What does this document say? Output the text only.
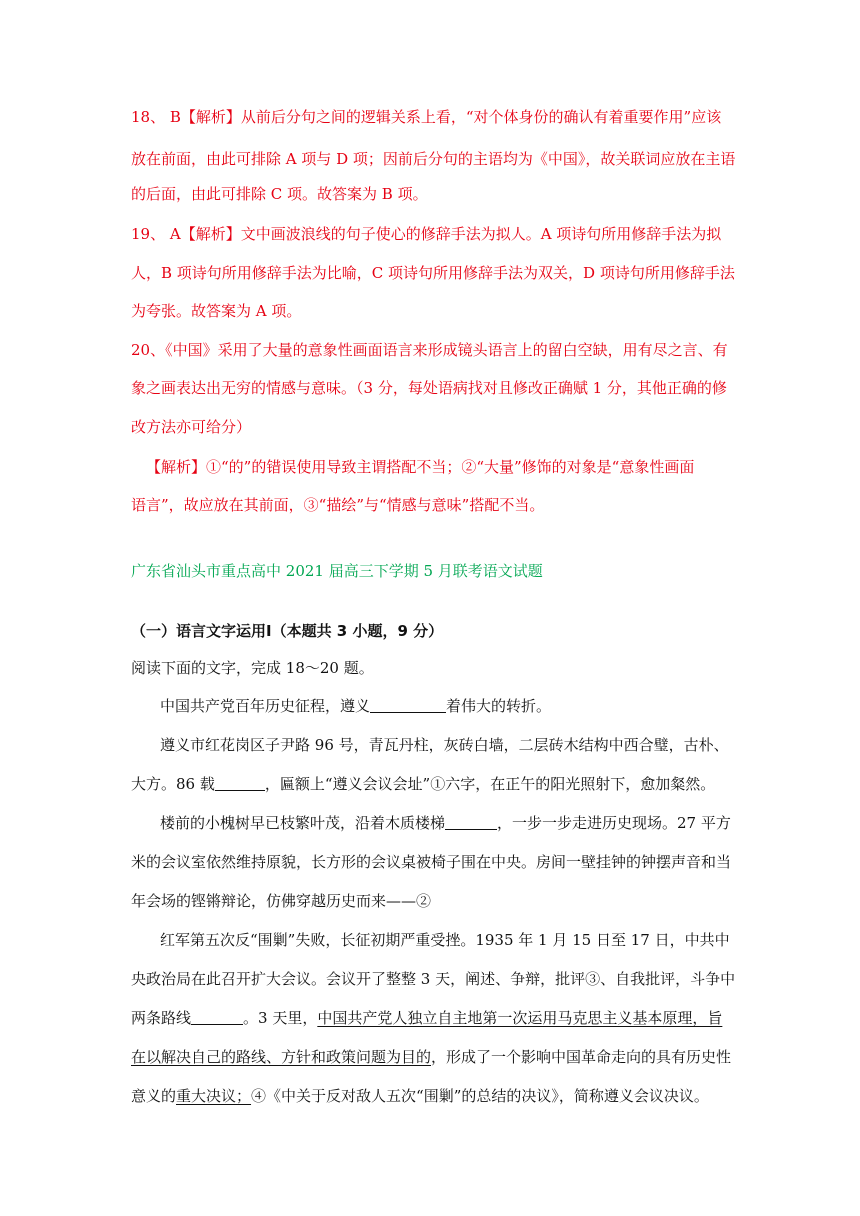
18、 B【解析】从前后分句之间的逻辑关系上看，“对个体身份的确认有着重要作用”应该
放在前面，由此可排除 A 项与 D 项；因前后分句的主语均为《中国》，故关联词应放在主语
的后面，由此可排除 C 项。故答案为 B 项。
19、 A【解析】文中画波浪线的句子使心的修辞手法为拟人。A 项诗句所用修辞手法为拟
人，B 项诗句所用修辞手法为比喻，C 项诗句所用修辞手法为双关，D 项诗句所用修辞手法
为夸张。故答案为 A 项。
20、《中国》采用了大量的意象性画面语言来形成镜头语言上的留白空缺，用有尽之言、有
象之画表达出无穷的情感与意味。（3 分，每处语病找对且修改正确赋 1 分，其他正确的修
改方法亦可给分）
【解析】①“的”的错误使用导致主谓搭配不当；②“大量”修饰的对象是“意象性画面
语言”，故应放在其前面，③“描绘”与“情感与意味”搭配不当。
广东省汕头市重点高中 2021 届高三下学期 5 月联考语文试题
（一）语言文字运用Ⅰ（本题共 3 小题，9 分）
阅读下面的文字，完成 18～20 题。
中国共产党百年历史征程，遵义	着伟大的转折。
遵义市红花岗区子尹路 96 号，青瓦丹柱，灰砖白墙，二层砖木结构中西合璧，古朴、
大方。86 载	，匾额上“遵义会议会址”①六字，在正午的阳光照射下，愈加粲然。
楼前的小槐树早已枝繁叶茂，沿着木质楼梯	，一步一步走进历史现场。27 平方
米的会议室依然维持原貌，长方形的会议桌被椅子围在中央。房间一壁挂钟的钟摆声音和当
年会场的铿锵辩论，仿佛穿越历史而来——②
红军第五次反“围剿”失败，长征初期严重受挫。1935 年 1 月 15 日至 17 日，中共中
央政治局在此召开扩大会议。会议开了整整 3 天，阐述、争辩，批评③、自我批评，斗争中
两条路线	。3 天里，中国共产党人独立自主地第一次运用马克思主义基本原理，旨
在以解决自己的路线、方针和政策问题为目的，形成了一个影响中国革命走向的具有历史性
意义的重大决议；④《中关于反对敌人五次“围剿”的总结的决议》，简称遵义会议决议。
